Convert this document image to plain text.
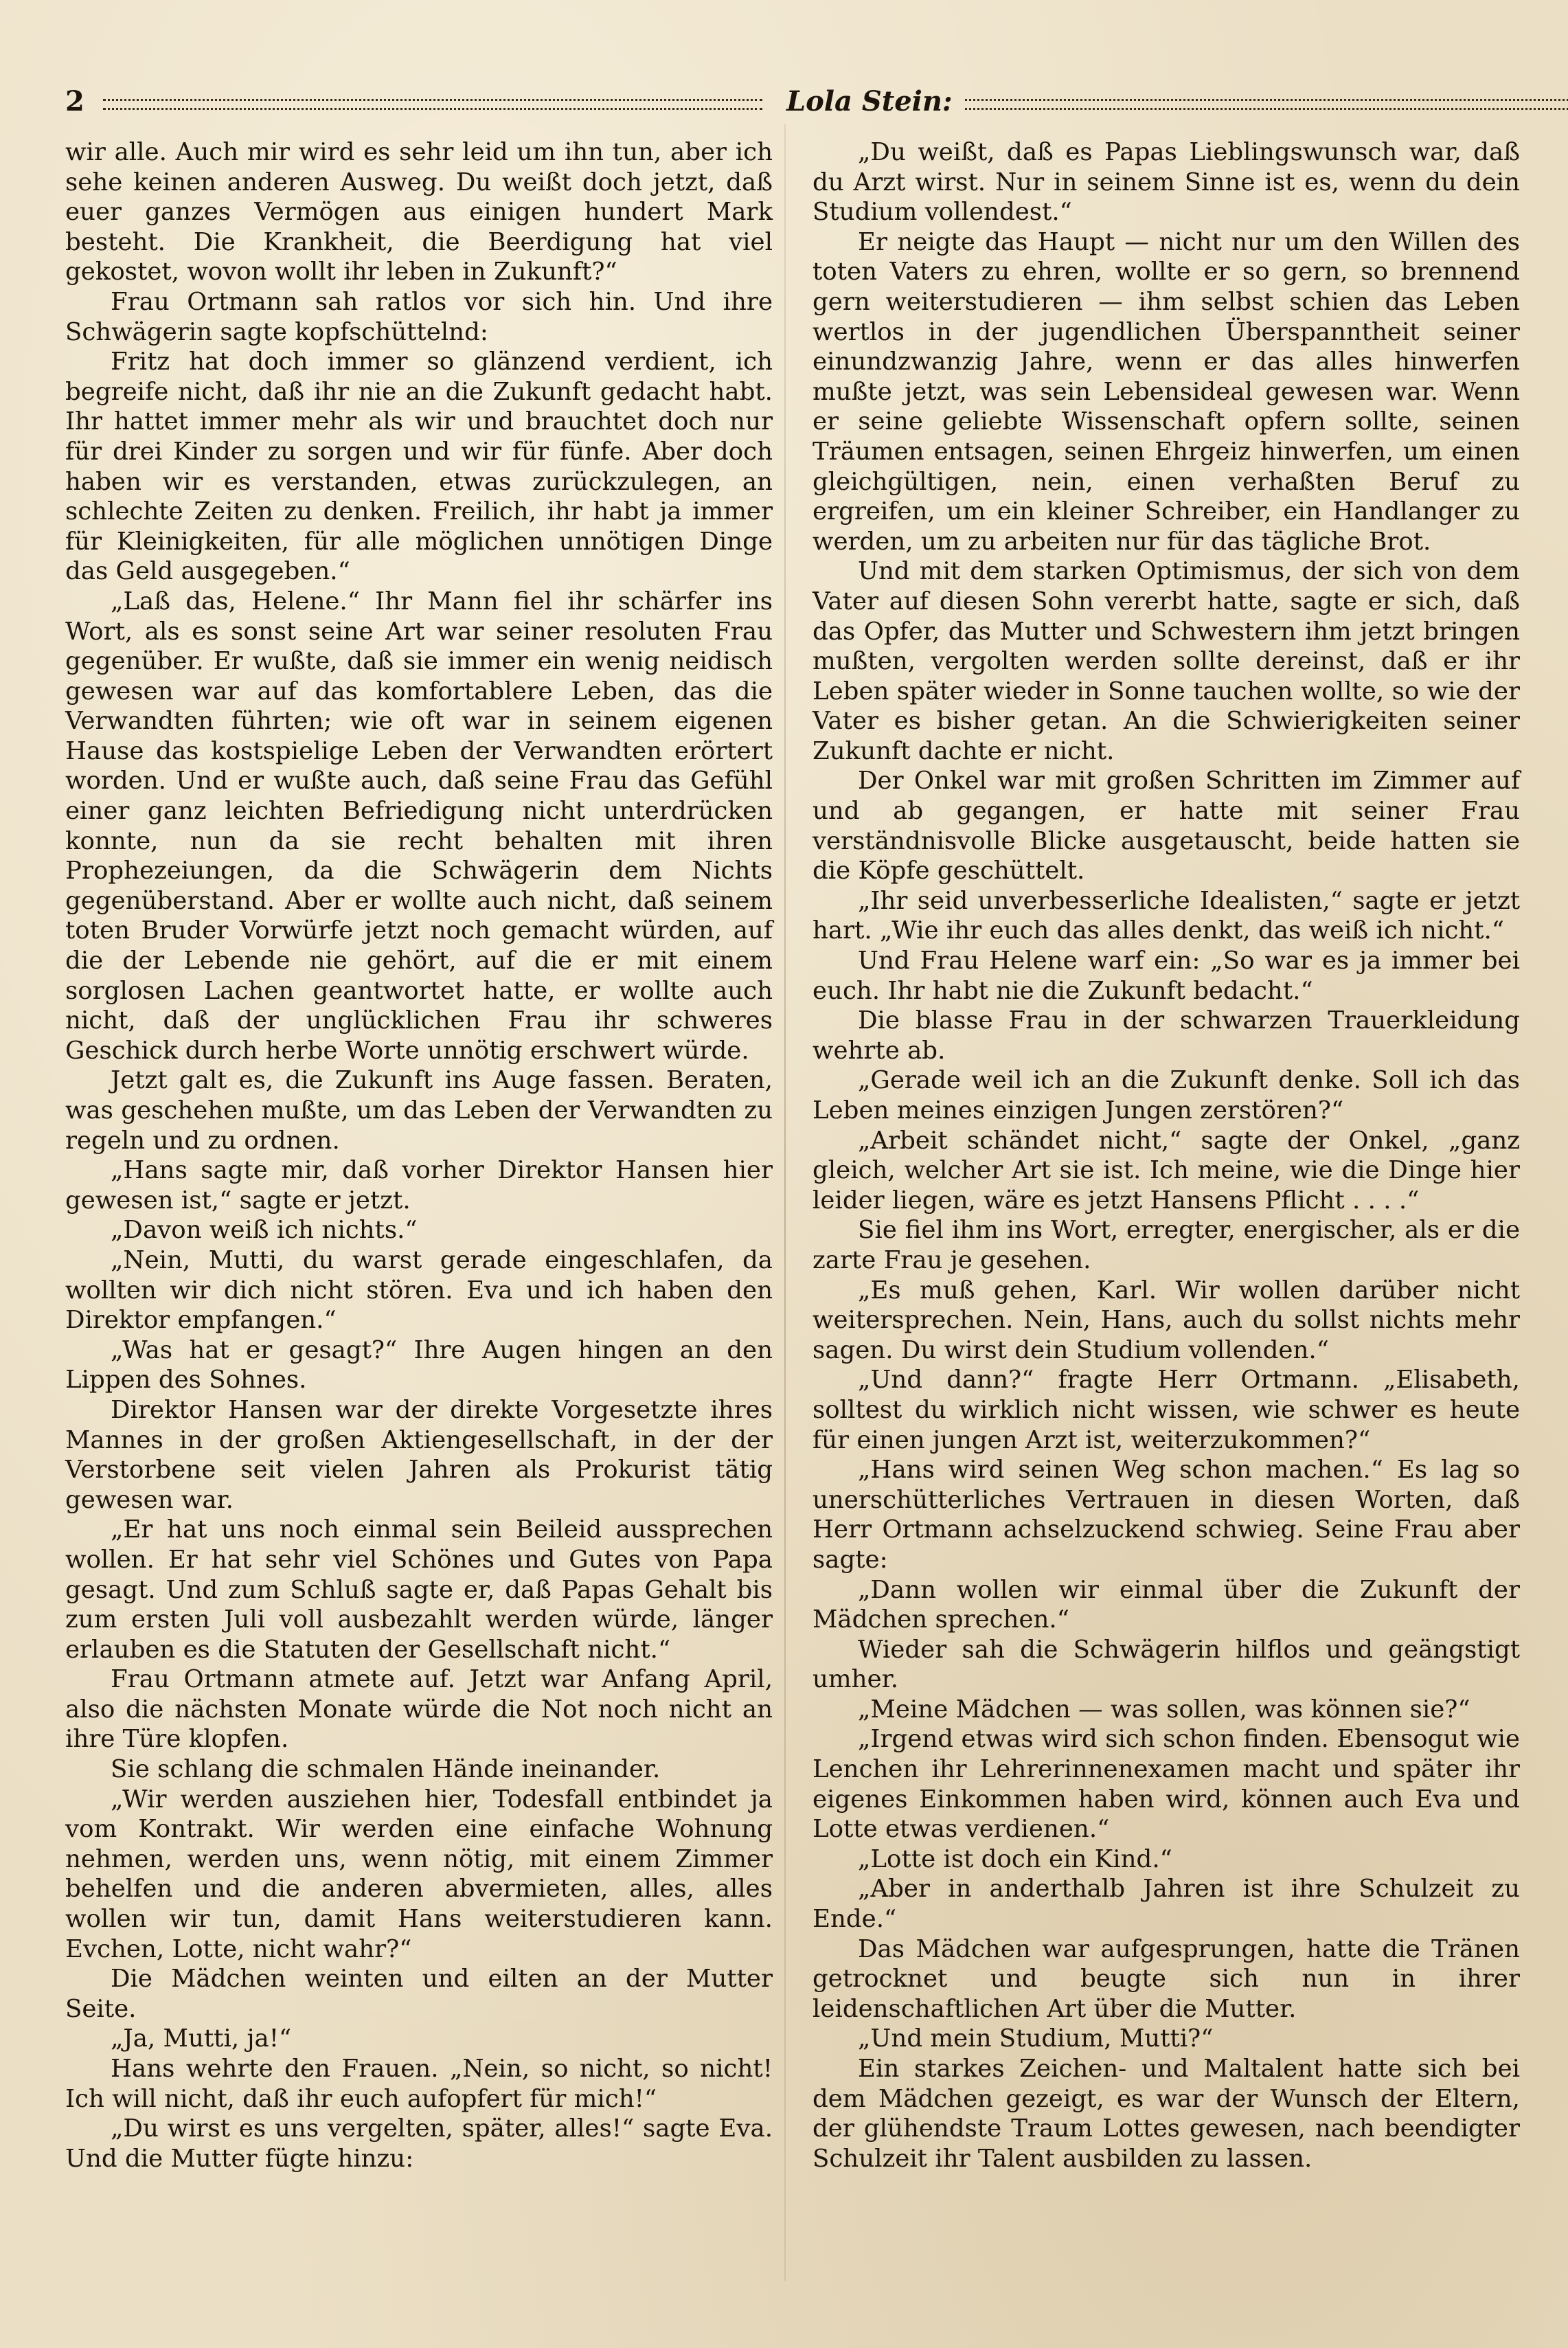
2	Lola Stein:

wir alle. Auch mir wird es sehr leid um ihn tun, aber ich sehe keinen anderen Ausweg. Du weißt doch jetzt, daß euer ganzes Vermögen aus einigen hundert Mark besteht. Die Krankheit, die Beerdigung hat viel gekostet, wovon wollt ihr leben in Zukunft?“

Frau Ortmann sah ratlos vor sich hin. Und ihre Schwägerin sagte kopfschüttelnd:

Fritz hat doch immer so glänzend verdient, ich begreife nicht, daß ihr nie an die Zukunft gedacht habt. Ihr hattet immer mehr als wir und brauchtet doch nur für drei Kinder zu sorgen und wir für fünfe. Aber doch haben wir es verstanden, etwas zurückzulegen, an schlechte Zeiten zu denken. Freilich, ihr habt ja immer für Kleinigkeiten, für alle möglichen unnötigen Dinge das Geld ausgegeben.“

„Laß das, Helene.“ Ihr Mann fiel ihr schärfer ins Wort, als es sonst seine Art war seiner resoluten Frau gegenüber. Er wußte, daß sie immer ein wenig neidisch gewesen war auf das komfortablere Leben, das die Verwandten führten; wie oft war in seinem eigenen Hause das kostspielige Leben der Verwandten erörtert worden. Und er wußte auch, daß seine Frau das Gefühl einer ganz leichten Befriedigung nicht unterdrücken konnte, nun da sie recht behalten mit ihren Prophezeiungen, da die Schwägerin dem Nichts gegenüberstand. Aber er wollte auch nicht, daß seinem toten Bruder Vorwürfe jetzt noch gemacht würden, auf die der Lebende nie gehört, auf die er mit einem sorglosen Lachen geantwortet hatte, er wollte auch nicht, daß der unglücklichen Frau ihr schweres Geschick durch herbe Worte unnötig erschwert würde.

Jetzt galt es, die Zukunft ins Auge fassen. Beraten, was geschehen mußte, um das Leben der Verwandten zu regeln und zu ordnen.

„Hans sagte mir, daß vorher Direktor Hansen hier gewesen ist,“ sagte er jetzt.

„Davon weiß ich nichts.“

„Nein, Mutti, du warst gerade eingeschlafen, da wollten wir dich nicht stören. Eva und ich haben den Direktor empfangen.“

„Was hat er gesagt?“ Ihre Augen hingen an den Lippen des Sohnes.

Direktor Hansen war der direkte Vorgesetzte ihres Mannes in der großen Aktiengesellschaft, in der der Verstorbene seit vielen Jahren als Prokurist tätig gewesen war.

„Er hat uns noch einmal sein Beileid aussprechen wollen. Er hat sehr viel Schönes und Gutes von Papa gesagt. Und zum Schluß sagte er, daß Papas Gehalt bis zum ersten Juli voll ausbezahlt werden würde, länger erlauben es die Statuten der Gesellschaft nicht.“

Frau Ortmann atmete auf. Jetzt war Anfang April, also die nächsten Monate würde die Not noch nicht an ihre Türe klopfen.

Sie schlang die schmalen Hände ineinander.

„Wir werden ausziehen hier, Todesfall entbindet ja vom Kontrakt. Wir werden eine einfache Wohnung nehmen, werden uns, wenn nötig, mit einem Zimmer behelfen und die anderen abvermieten, alles, alles wollen wir tun, damit Hans weiterstudieren kann. Evchen, Lotte, nicht wahr?“

Die Mädchen weinten und eilten an der Mutter Seite.

„Ja, Mutti, ja!“

Hans wehrte den Frauen. „Nein, so nicht, so nicht! Ich will nicht, daß ihr euch aufopfert für mich!“

„Du wirst es uns vergelten, später, alles!“ sagte Eva. Und die Mutter fügte hinzu:

„Du weißt, daß es Papas Lieblingswunsch war, daß du Arzt wirst. Nur in seinem Sinne ist es, wenn du dein Studium vollendest.“

Er neigte das Haupt — nicht nur um den Willen des toten Vaters zu ehren, wollte er so gern, so brennend gern weiterstudieren — ihm selbst schien das Leben wertlos in der jugendlichen Überspanntheit seiner einundzwanzig Jahre, wenn er das alles hinwerfen mußte jetzt, was sein Lebensideal gewesen war. Wenn er seine geliebte Wissenschaft opfern sollte, seinen Träumen entsagen, seinen Ehrgeiz hinwerfen, um einen gleichgültigen, nein, einen verhaßten Beruf zu ergreifen, um ein kleiner Schreiber, ein Handlanger zu werden, um zu arbeiten nur für das tägliche Brot.

Und mit dem starken Optimismus, der sich von dem Vater auf diesen Sohn vererbt hatte, sagte er sich, daß das Opfer, das Mutter und Schwestern ihm jetzt bringen mußten, vergolten werden sollte dereinst, daß er ihr Leben später wieder in Sonne tauchen wollte, so wie der Vater es bisher getan. An die Schwierigkeiten seiner Zukunft dachte er nicht.

Der Onkel war mit großen Schritten im Zimmer auf und ab gegangen, er hatte mit seiner Frau verständnisvolle Blicke ausgetauscht, beide hatten sie die Köpfe geschüttelt.

„Ihr seid unverbesserliche Idealisten,“ sagte er jetzt hart. „Wie ihr euch das alles denkt, das weiß ich nicht.“

Und Frau Helene warf ein: „So war es ja immer bei euch. Ihr habt nie die Zukunft bedacht.“

Die blasse Frau in der schwarzen Trauerkleidung wehrte ab.

„Gerade weil ich an die Zukunft denke. Soll ich das Leben meines einzigen Jungen zerstören?“

„Arbeit schändet nicht,“ sagte der Onkel, „ganz gleich, welcher Art sie ist. Ich meine, wie die Dinge hier leider liegen, wäre es jetzt Hansens Pflicht . . . .“

Sie fiel ihm ins Wort, erregter, energischer, als er die zarte Frau je gesehen.

„Es muß gehen, Karl. Wir wollen darüber nicht weitersprechen. Nein, Hans, auch du sollst nichts mehr sagen. Du wirst dein Studium vollenden.“

„Und dann?“ fragte Herr Ortmann. „Elisabeth, solltest du wirklich nicht wissen, wie schwer es heute für einen jungen Arzt ist, weiterzukommen?“

„Hans wird seinen Weg schon machen.“ Es lag so unerschütterliches Vertrauen in diesen Worten, daß Herr Ortmann achselzuckend schwieg. Seine Frau aber sagte:

„Dann wollen wir einmal über die Zukunft der Mädchen sprechen.“

Wieder sah die Schwägerin hilflos und geängstigt umher.

„Meine Mädchen — was sollen, was können sie?“

„Irgend etwas wird sich schon finden. Ebensogut wie Lenchen ihr Lehrerinnenexamen macht und später ihr eigenes Einkommen haben wird, können auch Eva und Lotte etwas verdienen.“

„Lotte ist doch ein Kind.“

„Aber in anderthalb Jahren ist ihre Schulzeit zu Ende.“

Das Mädchen war aufgesprungen, hatte die Tränen getrocknet und beugte sich nun in ihrer leidenschaftlichen Art über die Mutter.

„Und mein Studium, Mutti?“

Ein starkes Zeichen- und Maltalent hatte sich bei dem Mädchen gezeigt, es war der Wunsch der Eltern, der glühendste Traum Lottes gewesen, nach beendigter Schulzeit ihr Talent ausbilden zu lassen.
